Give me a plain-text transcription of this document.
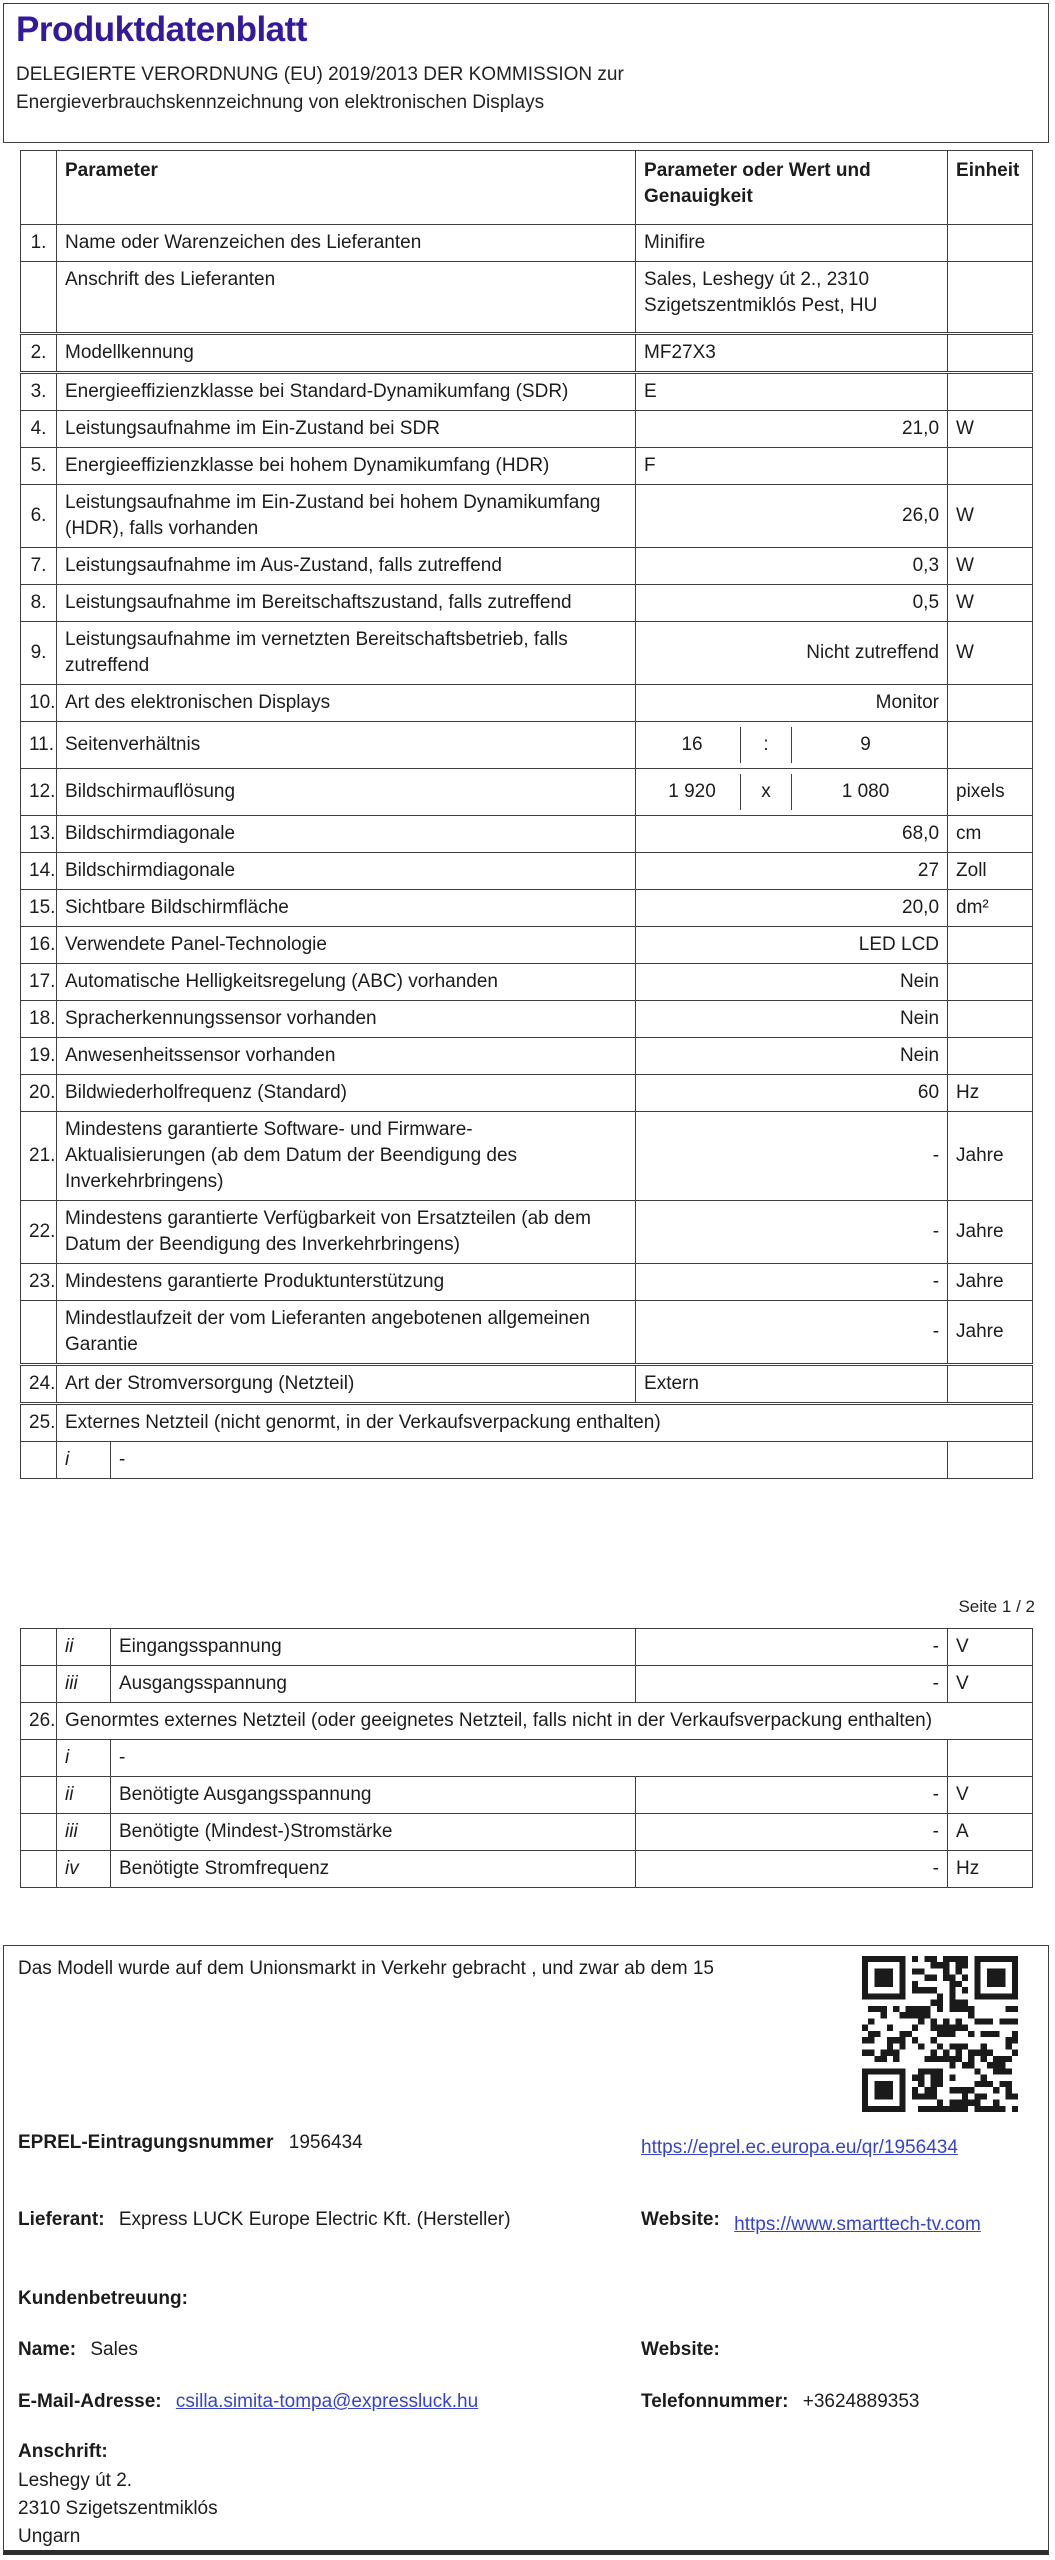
Produktdatenblatt
DELEGIERTE VERORDNUNG (EU) 2019/2013 DER KOMMISSION zur Energieverbrauchskennzeichnung von elektronischen Displays
	Parameter		Parameter oder Wert und Genauigkeit	Einheit
1.	Name oder Warenzeichen des Lieferanten		Minifire	
	Anschrift des Lieferanten		Sales, Leshegy út 2., 2310 Szigetszentmiklós Pest, HU	
2.	Modellkennung		MF27X3	
3.	Energieeffizienzklasse bei Standard-Dynamikumfang (SDR)		E	
4.	Leistungsaufnahme im Ein-Zustand bei SDR		21,0	W
5.	Energieeffizienzklasse bei hohem Dynamikumfang (HDR)		F	
6.	Leistungsaufnahme im Ein-Zustand bei hohem Dynamikumfang (HDR), falls vorhanden		26,0	W
7.	Leistungsaufnahme im Aus-Zustand, falls zutreffend		0,3	W
8.	Leistungsaufnahme im Bereitschaftszustand, falls zutreffend		0,5	W
9.	Leistungsaufnahme im vernetzten Bereitschaftsbetrieb, falls zutreffend		Nicht zutreffend	W
10.	Art des elektronischen Displays		Monitor	
11.	Seitenverhältnis		16 : 9	

12.	Bildschirmauflösung		1 920 x 1 080	pixels
13.	Bildschirmdiagonale		68,0	cm
14.	Bildschirmdiagonale		27	Zoll
15.	Sichtbare Bildschirmfläche		20,0	dm²
16.	Verwendete Panel-Technologie		LED LCD	
17.	Automatische Helligkeitsregelung (ABC) vorhanden		Nein	
18.	Spracherkennungssensor vorhanden		Nein	
19.	Anwesenheitssensor vorhanden		Nein	
20.	Bildwiederholfrequenz (Standard)		60	Hz
21.	Mindestens garantierte Software- und Firmware-Aktualisierungen (ab dem Datum der Beendigung des Inverkehrbringens)		-	Jahre
22.	Mindestens garantierte Verfügbarkeit von Ersatzteilen (ab dem Datum der Beendigung des Inverkehrbringens)		-	Jahre
23.	Mindestens garantierte Produktunterstützung		-	Jahre
	Mindestlaufzeit der vom Lieferanten angebotenen allgemeinen Garantie		-	Jahre
24.	Art der Stromversorgung (Netzteil)		Extern	
25.	Externes Netzteil (nicht genormt, in der Verkaufsverpackung enthalten)			
	i	-		
Seite 1 / 2
	ii	Eingangsspannung	-	V
	iii	Ausgangsspannung	-	V
26.	Genormtes externes Netzteil (oder geeignetes Netzteil, falls nicht in der Verkaufsverpackung enthalten)			
	i	-		
	ii	Benötigte Ausgangsspannung	-	V
	iii	Benötigte (Mindest-)Stromstärke	-	A
	iv	Benötigte Stromfrequenz	-	Hz
Das Modell wurde auf dem Unionsmarkt in Verkehr gebracht , und zwar ab dem 15
EPREL-Eintragungsnummer 1956434	https://eprel.ec.europa.eu/qr/1956434
Lieferant: Express LUCK Europe Electric Kft. (Hersteller)	Website: https://www.smarttech-tv.com
Kundenbetreuung:
Name: Sales	Website:
E-Mail-Adresse: csilla.simita-tompa@expressluck.hu	Telefonnummer: +3624889353
Anschrift:
Leshegy út 2.
2310 Szigetszentmiklós
Ungarn
